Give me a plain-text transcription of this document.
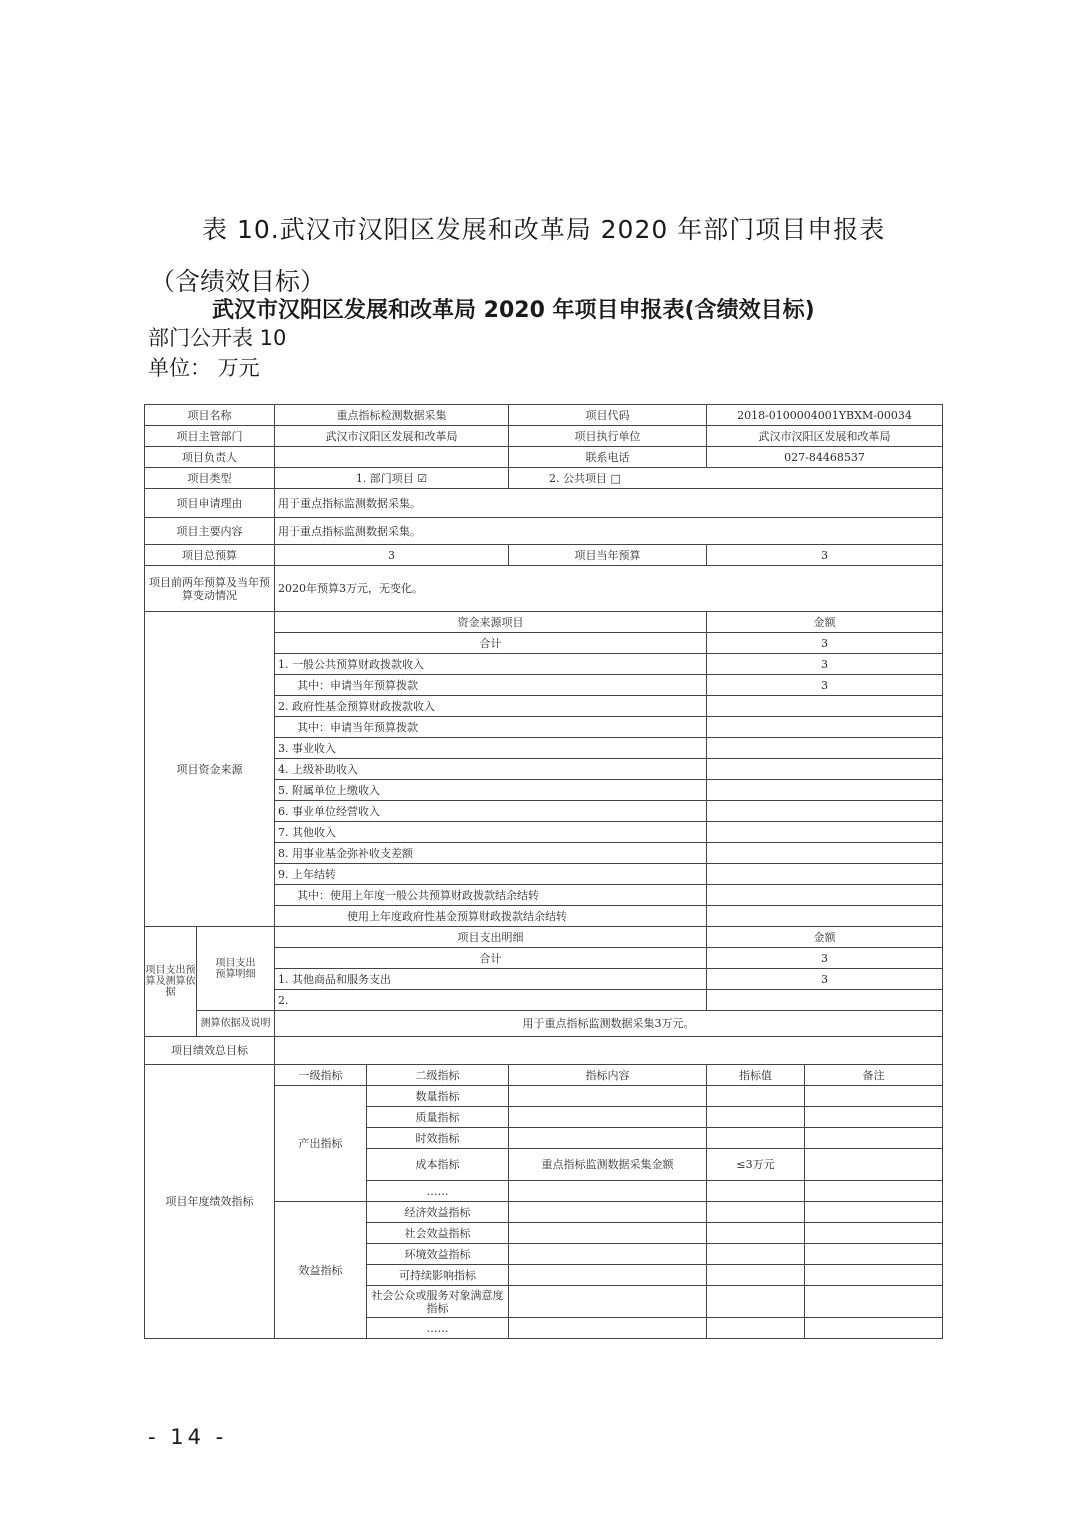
表 10.武汉市汉阳区发展和改革局 2020 年部门项目申报表
（含绩效目标）
武汉市汉阳区发展和改革局 2020 年项目申报表(含绩效目标)
部门公开表 10
单位： 万元
项目名称		重点指标检测数据采集		项目代码	2018-0100004001YBXM-00034	
项目主管部门		武汉市汉阳区发展和改革局		项目执行单位	武汉市汉阳区发展和改革局	
项目负责人				联系电话	027-84468537	
项目类型		1. 部门项目 ☑		2. 公共项目 □		
项目申请理由		用于重点指标监测数据采集。				
项目主要内容		用于重点指标监测数据采集。				
项目总预算		3		项目当年预算	3	
项目前两年预算及当年预算变动情况		2020年预算3万元，无变化。				
项目资金来源		资金来源项目			金额	
		合计			3	
		1. 一般公共预算财政拨款收入			3	
		其中：申请当年预算拨款			3	
		2. 政府性基金预算财政拨款收入				
		其中：申请当年预算拨款				
		3. 事业收入				
		4. 上级补助收入				
		5. 附属单位上缴收入				
		6. 事业单位经营收入				
		7. 其他收入				
		8. 用事业基金弥补收支差额				
		9. 上年结转				
		其中：使用上年度一般公共预算财政拨款结余结转				
		使用上年度政府性基金预算财政拨款结余结转				
项目支出预算及测算依据	项目支出预算明细	项目支出明细			金额	
		合计			3	
		1. 其他商品和服务支出			3	
		2.				
	测算依据及说明	用于重点指标监测数据采集3万元。				
项目绩效总目标						
项目年度绩效指标		一级指标	二级指标	指标内容	指标值	备注
		产出指标	数量指标			
			质量指标			
			时效指标			
			成本指标	重点指标监测数据采集金额	≤3万元	
			……			
		效益指标	经济效益指标			
			社会效益指标			
			环境效益指标			
			可持续影响指标			
			社会公众或服务对象满意度指标			
			……			
- 14 -
